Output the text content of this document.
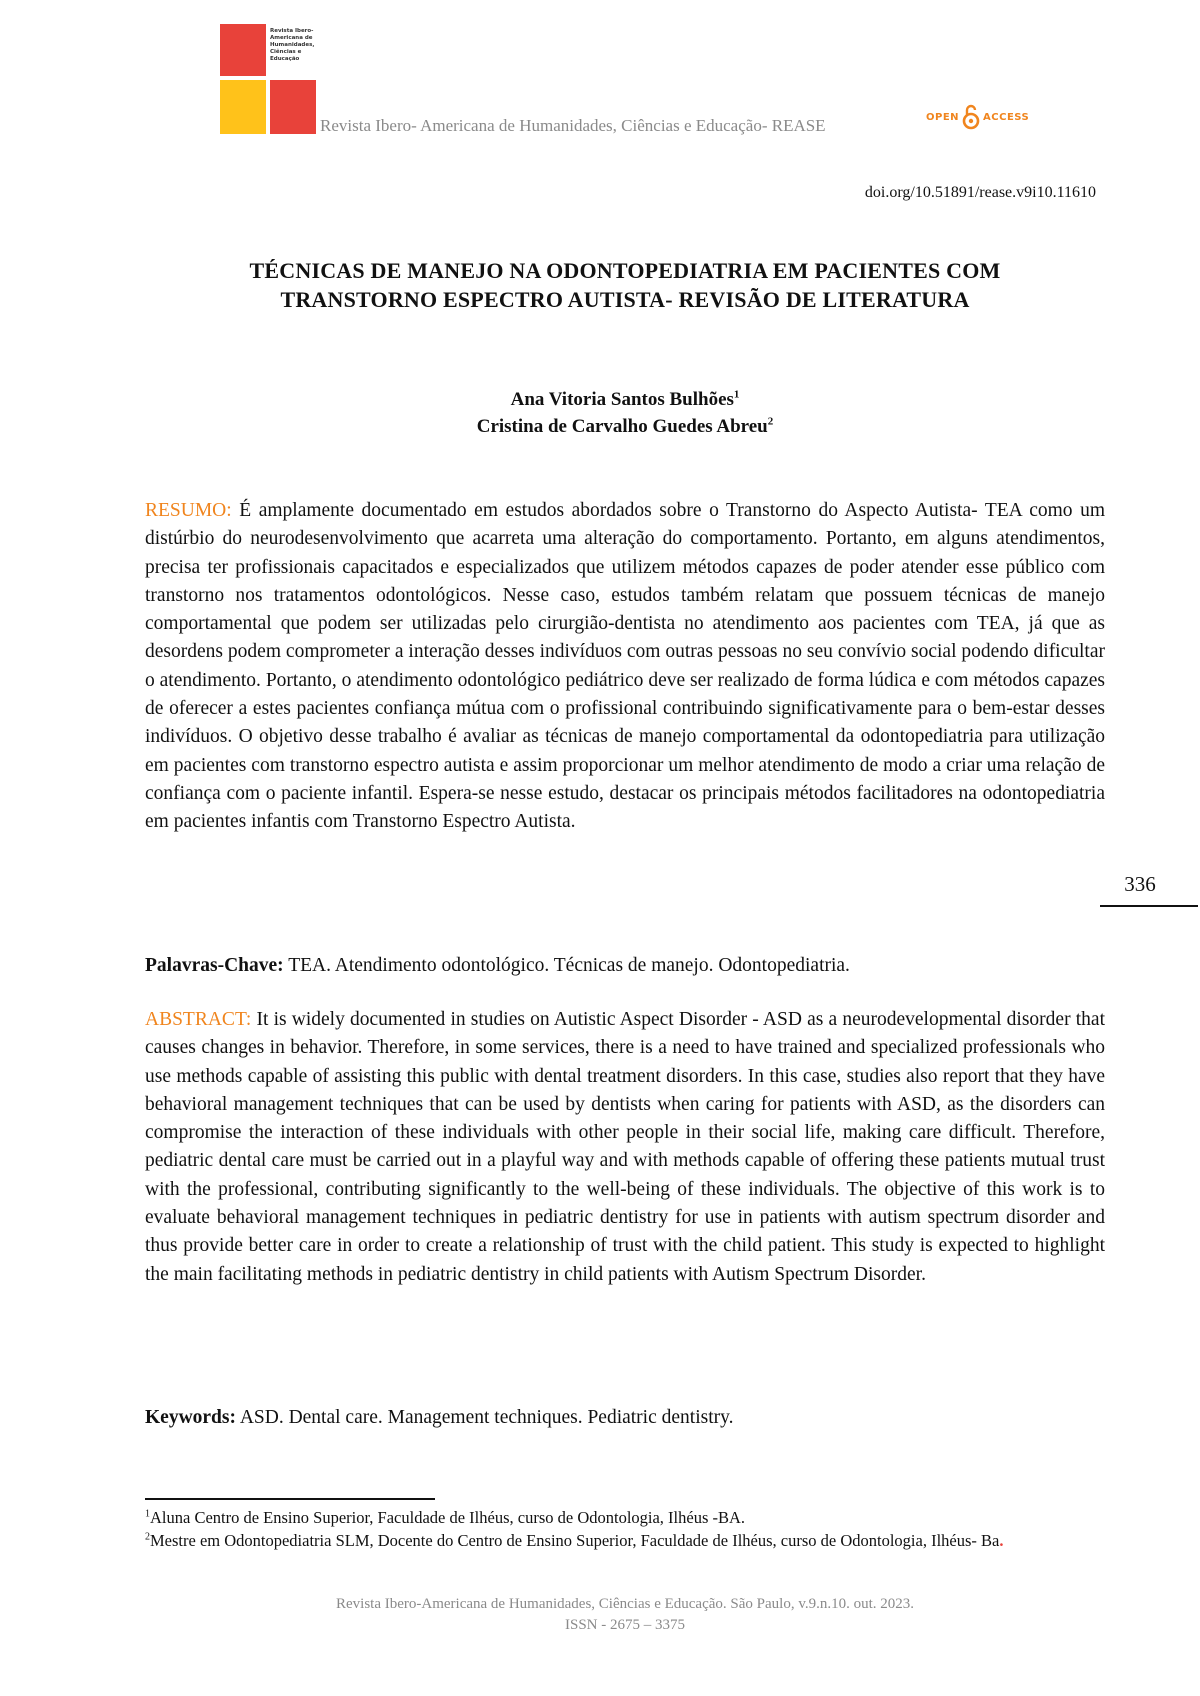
Revista Ibero-Americana de Humanidades, Ciências e Educação
Revista Ibero- Americana de Humanidades, Ciências e Educação- REASE	OPEN ACCESS
doi.org/10.51891/rease.v9i10.11610
TÉCNICAS DE MANEJO NA ODONTOPEDIATRIA EM PACIENTES COM
TRANSTORNO ESPECTRO AUTISTA- REVISÃO DE LITERATURA
Ana Vitoria Santos Bulhões$^1$
Cristina de Carvalho Guedes Abreu$^2$
RESUMO: É amplamente documentado em estudos abordados sobre o Transtorno do Aspecto Autista- TEA como um distúrbio do neurodesenvolvimento que acarreta uma alteração do comportamento. Portanto, em alguns atendimentos, precisa ter profissionais capacitados e especializados que utilizem métodos capazes de poder atender esse público com transtorno nos tratamentos odontológicos. Nesse caso, estudos também relatam que possuem técnicas de manejo comportamental que podem ser utilizadas pelo cirurgião-dentista no atendimento aos pacientes com TEA, já que as desordens podem comprometer a interação desses indivíduos com outras pessoas no seu convívio social podendo dificultar o atendimento. Portanto, o atendimento odontológico pediátrico deve ser realizado de forma lúdica e com métodos capazes de oferecer a estes pacientes confiança mútua com o profissional contribuindo significativamente para o bem-estar desses indivíduos. O objetivo desse trabalho é avaliar as técnicas de manejo comportamental da odontopediatria para utilização em pacientes com transtorno espectro autista e assim proporcionar um melhor atendimento de modo a criar uma relação de confiança com o paciente infantil. Espera-se nesse estudo, destacar os principais métodos facilitadores na odontopediatria em pacientes infantis com Transtorno Espectro Autista.
Palavras-Chave: TEA. Atendimento odontológico. Técnicas de manejo. Odontopediatria.
ABSTRACT: It is widely documented in studies on Autistic Aspect Disorder - ASD as a neurodevelopmental disorder that causes changes in behavior. Therefore, in some services, there is a need to have trained and specialized professionals who use methods capable of assisting this public with dental treatment disorders. In this case, studies also report that they have behavioral management techniques that can be used by dentists when caring for patients with ASD, as the disorders can compromise the interaction of these individuals with other people in their social life, making care difficult. Therefore, pediatric dental care must be carried out in a playful way and with methods capable of offering these patients mutual trust with the professional, contributing significantly to the well-being of these individuals. The objective of this work is to evaluate behavioral management techniques in pediatric dentistry for use in patients with autism spectrum disorder and thus provide better care in order to create a relationship of trust with the child patient. This study is expected to highlight the main facilitating methods in pediatric dentistry in child patients with Autism Spectrum Disorder.
Keywords: ASD. Dental care. Management techniques. Pediatric dentistry.
336
$^1$Aluna Centro de Ensino Superior, Faculdade de Ilhéus, curso de Odontologia, Ilhéus -BA.
$^2$Mestre em Odontopediatria SLM, Docente do Centro de Ensino Superior, Faculdade de Ilhéus, curso de Odontologia, Ilhéus- Ba.
Revista Ibero-Americana de Humanidades, Ciências e Educação. São Paulo, v.9.n.10. out. 2023.
ISSN - 2675 – 3375
